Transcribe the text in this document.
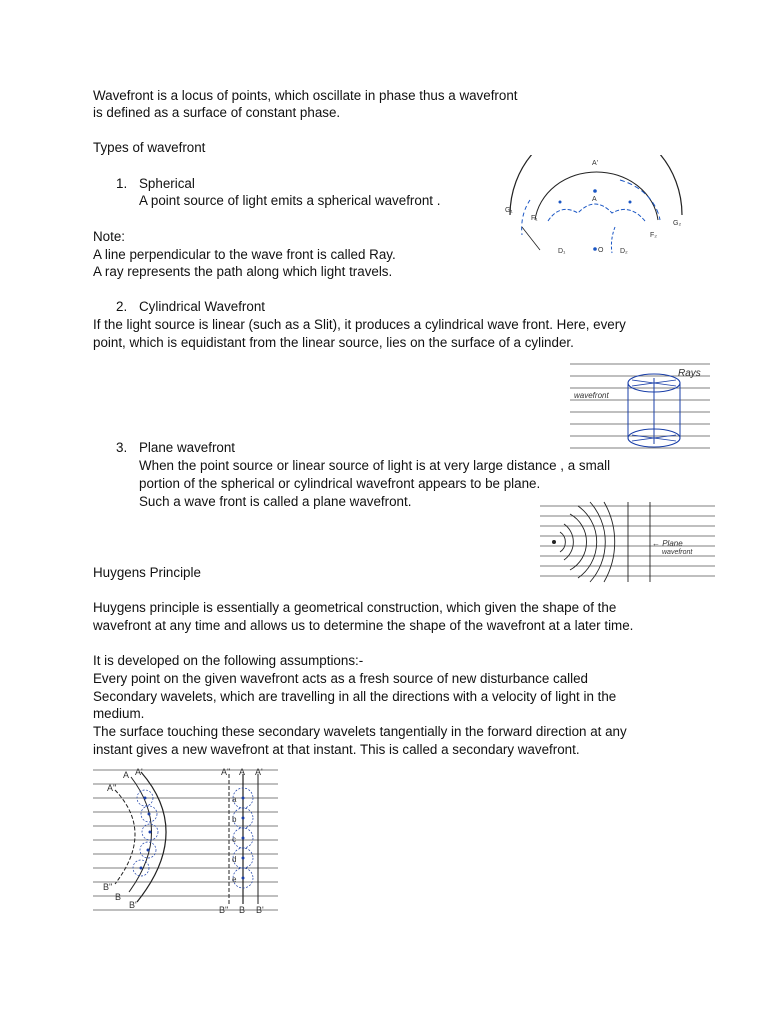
Wavefront is a locus of points, which oscillate in phase thus a wavefront

is defined as a surface of constant phase.

Types of wavefront

1. Spherical

A point source of light emits a spherical wavefront .

Note:

A line perpendicular to the wave front is called Ray.

A ray represents the path along which light travels.

2. Cylindrical Wavefront

If the light source is linear (such as a Slit), it produces a cylindrical wave front. Here, every

point, which is equidistant from the linear source, lies on the surface of a cylinder.

3. Plane wavefront

When the point source or linear source of light is at very large distance , a small

portion of the spherical or cylindrical wavefront appears to be plane.

Such a wave front is called a plane wavefront.

Huygens Principle

Huygens principle is essentially a geometrical construction, which given the shape of the

wavefront at any time and allows us to determine the shape of the wavefront at a later time.

It is developed on the following assumptions:-

Every point on the given wavefront acts as a fresh source of new disturbance called

Secondary wavelets, which are travelling in all the directions with a velocity of light in the

medium.

The surface touching these secondary wavelets tangentially in the forward direction at any

instant gives a new wavefront at that instant. This is called a secondary wavefront.

A'
A
G₁
G₂
F₁
F₂
D₁	O D₂
Rays
wavefront
← Plane
wavefront
A'
A
A''
B''
B
B'
a
b
c
d
e
A'' A A'
B'' B B'
